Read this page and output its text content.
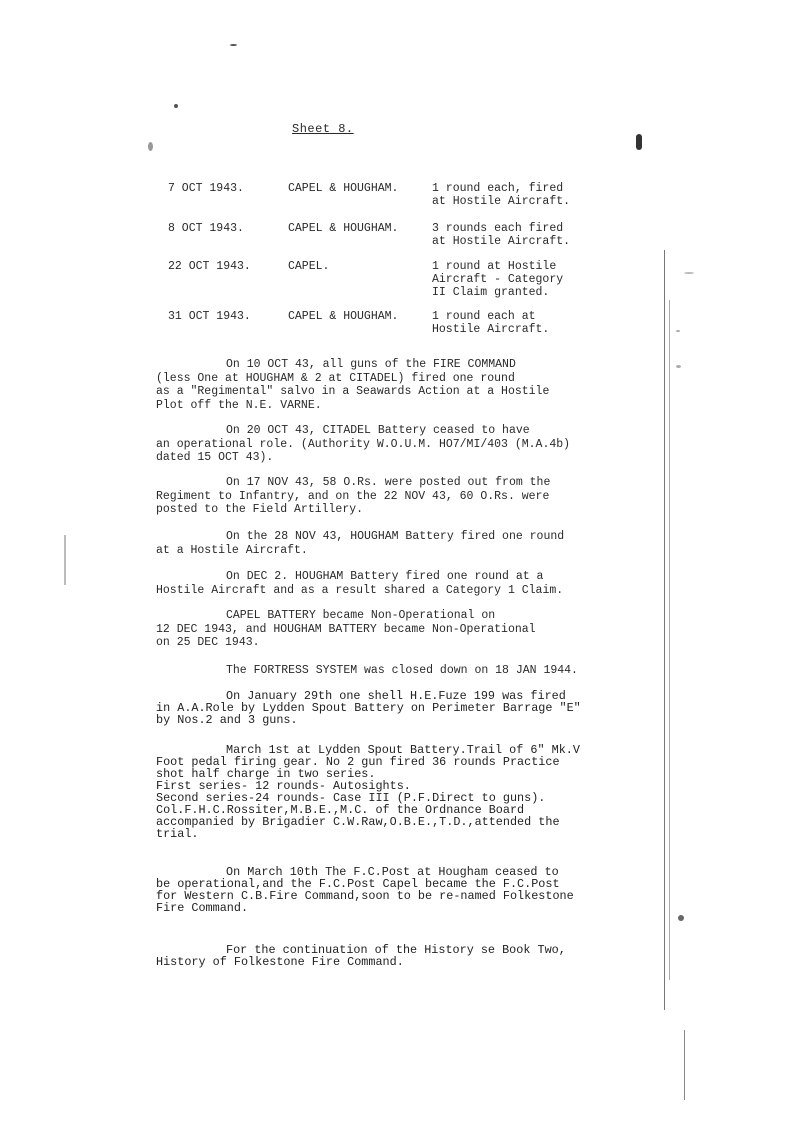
Sheet 8.
7 OCT 1943.	CAPEL & HOUGHAM.	1 round each, fired
at Hostile Aircraft.
8 OCT 1943.	CAPEL & HOUGHAM.	3 rounds each fired
at Hostile Aircraft.
22 OCT 1943.	CAPEL.	1 round at Hostile
Aircraft - Category
II Claim granted.
31 OCT 1943.	CAPEL & HOUGHAM.	1 round each at
Hostile Aircraft.
On 10 OCT 43, all guns of the FIRE COMMAND
(less One at HOUGHAM & 2 at CITADEL) fired one round
as a "Regimental" salvo in a Seawards Action at a Hostile
Plot off the N.E. VARNE.
On 20 OCT 43, CITADEL Battery ceased to have
an operational role. (Authority W.O.U.M. HO7/MI/403 (M.A.4b)
dated 15 OCT 43).
On 17 NOV 43, 58 O.Rs. were posted out from the
Regiment to Infantry, and on the 22 NOV 43, 60 O.Rs. were
posted to the Field Artillery.
On the 28 NOV 43, HOUGHAM Battery fired one round
at a Hostile Aircraft.
On DEC 2. HOUGHAM Battery fired one round at a
Hostile Aircraft and as a result shared a Category 1 Claim.
CAPEL BATTERY became Non-Operational on
12 DEC 1943, and HOUGHAM BATTERY became Non-Operational
on 25 DEC 1943.
The FORTRESS SYSTEM was closed down on 18 JAN 1944.
On January 29th one shell H.E.Fuze 199 was fired
in A.A.Role by Lydden Spout Battery on Perimeter Barrage "E"
by Nos.2 and 3 guns.
March 1st at Lydden Spout Battery.Trail of 6" Mk.V
Foot pedal firing gear. No 2 gun fired 36 rounds Practice
shot half charge in two series.
First series- 12 rounds- Autosights.
Second series-24 rounds- Case III (P.F.Direct to guns).
Col.F.H.C.Rossiter,M.B.E.,M.C. of the Ordnance Board
accompanied by Brigadier C.W.Raw,O.B.E.,T.D.,attended the
trial.
On March 10th The F.C.Post at Hougham ceased to
be operational,and the F.C.Post Capel became the F.C.Post
for Western C.B.Fire Command,soon to be re-named Folkestone
Fire Command.
For the continuation of the History se Book Two,
History of Folkestone Fire Command.
